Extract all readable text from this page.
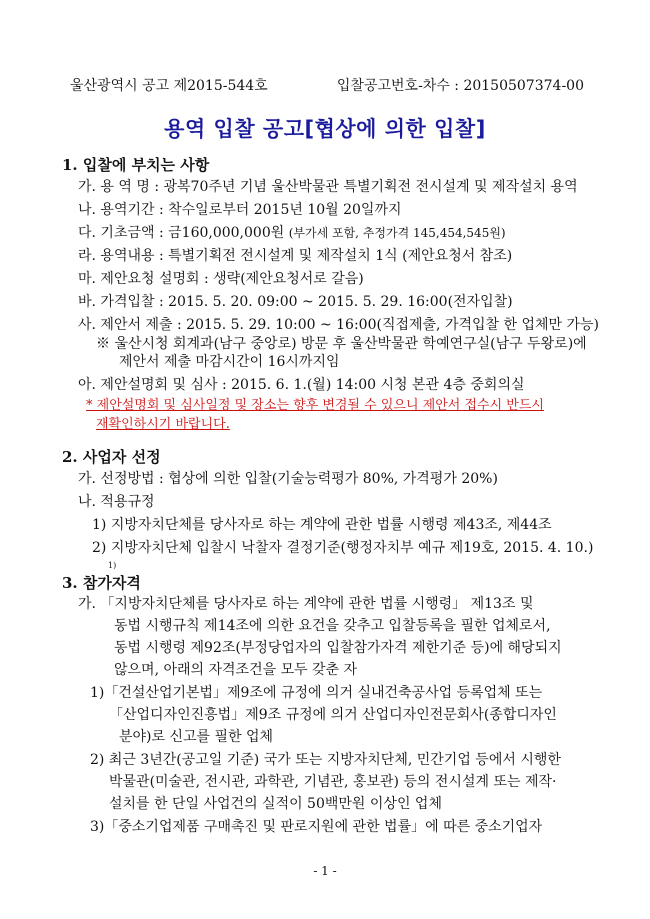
울산광역시 공고 제2015-544호	입찰공고번호-차수 : 20150507374-00
용역 입찰 공고[협상에 의한 입찰]
1. 입찰에 부치는 사항
가. 용 역 명 : 광복70주년 기념 울산박물관 특별기획전 전시설계 및 제작설치 용역
나. 용역기간 : 착수일로부터 2015년 10월 20일까지
다. 기초금액 : 금160,000,000원 (부가세 포함, 추정가격 145,454,545원)
라. 용역내용 : 특별기획전 전시설계 및 제작설치 1식 (제안요청서 참조)
마. 제안요청 설명회 : 생략(제안요청서로 갈음)
바. 가격입찰 : 2015. 5. 20. 09:00 ~ 2015. 5. 29. 16:00(전자입찰)
사. 제안서 제출 : 2015. 5. 29. 10:00 ~ 16:00(직접제출, 가격입찰 한 업체만 가능)
※ 울산시청 회계과(남구 중앙로) 방문 후 울산박물관 학예연구실(남구 두왕로)에
제안서 제출 마감시간이 16시까지임
아. 제안설명회 및 심사 : 2015. 6. 1.(월) 14:00 시청 본관 4층 중회의실
* 제안설명회 및 심사일정 및 장소는 향후 변경될 수 있으니 제안서 접수시 반드시
재확인하시기 바랍니다.
2. 사업자 선정
가. 선정방법 : 협상에 의한 입찰(기술능력평가 80%, 가격평가 20%)
나. 적용규정
1) 지방자치단체를 당사자로 하는 계약에 관한 법률 시행령 제43조, 제44조
2) 지방자치단체 입찰시 낙찰자 결정기준(행정자치부 예규 제19호, 2015. 4. 10.)
1)
3. 참가자격
가. 「지방자치단체를 당사자로 하는 계약에 관한 법률 시행령」 제13조 및
동법 시행규칙 제14조에 의한 요건을 갖추고 입찰등록을 필한 업체로서,
동법 시행령 제92조(부정당업자의 입찰참가자격 제한기준 등)에 해당되지
않으며, 아래의 자격조건을 모두 갖춘 자
1)「건설산업기본법」제9조에 규정에 의거 실내건축공사업 등록업체 또는
「산업디자인진흥법」제9조 규정에 의거 산업디자인전문회사(종합디자인
분야)로 신고를 필한 업체
2) 최근 3년간(공고일 기준) 국가 또는 지방자치단체, 민간기업 등에서 시행한
박물관(미술관, 전시관, 과학관, 기념관, 홍보관) 등의 전시설계 또는 제작·
설치를 한 단일 사업건의 실적이 50백만원 이상인 업체
3)「중소기업제품 구매촉진 및 판로지원에 관한 법률」에 따른 중소기업자
- 1 -
